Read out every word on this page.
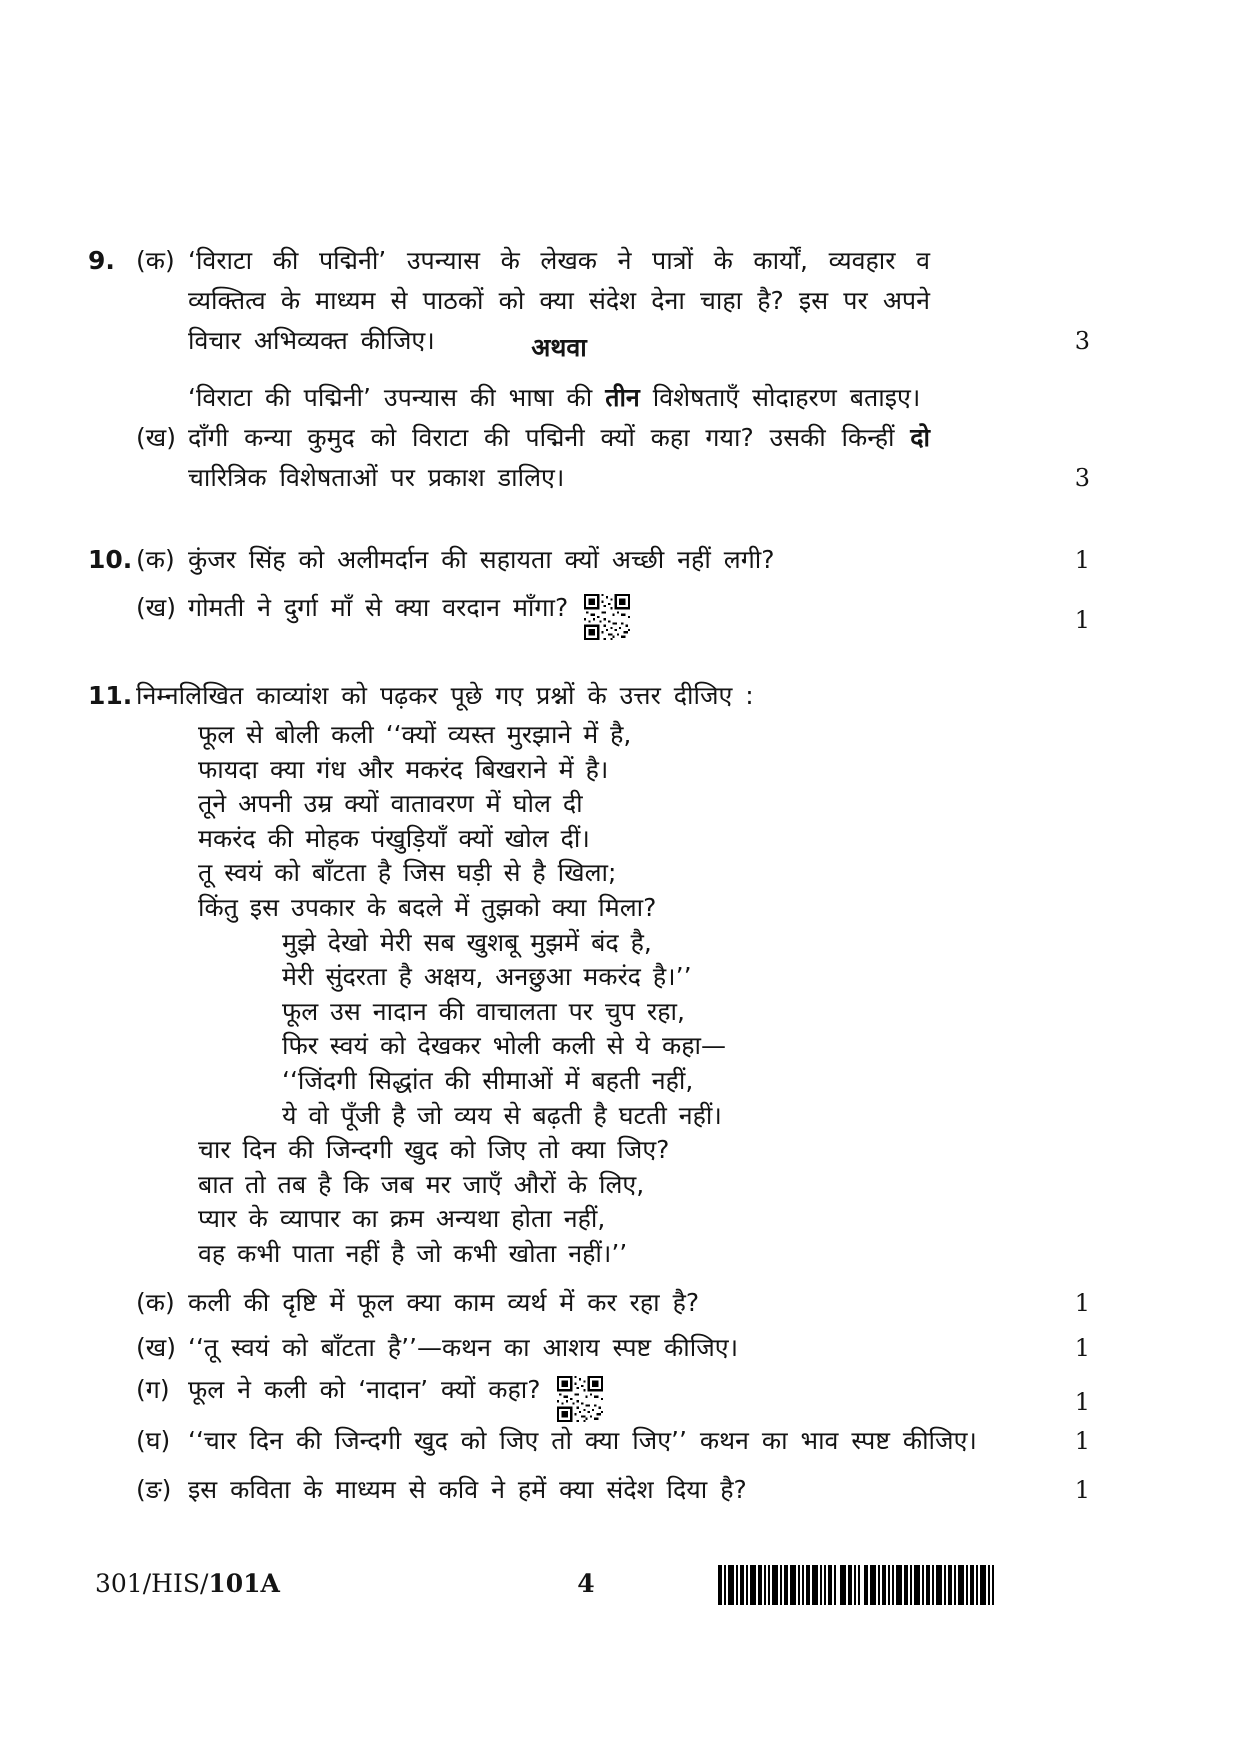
9. (क) ‘विराटा की पद्मिनी’ उपन्यास के लेखक ने पात्रों के कार्यों, व्यवहार व व्यक्तित्व के माध्यम से पाठकों को क्या संदेश देना चाहा है? इस पर अपने विचार अभिव्यक्त कीजिए।	3
अथवा
‘विराटा की पद्मिनी’ उपन्यास की भाषा की तीन विशेषताएँ सोदाहरण बताइए।
(ख) दाँगी कन्या कुमुद को विराटा की पद्मिनी क्यों कहा गया? उसकी किन्हीं दो चारित्रिक विशेषताओं पर प्रकाश डालिए।	3
10. (क) कुंजर सिंह को अलीमर्दान की सहायता क्यों अच्छी नहीं लगी?	1
(ख) गोमती ने दुर्गा माँ से क्या वरदान माँगा?	1
11. निम्नलिखित काव्यांश को पढ़कर पूछे गए प्रश्नों के उत्तर दीजिए :
फूल से बोली कली ‘‘क्यों व्यस्त मुरझाने में है,
फायदा क्या गंध और मकरंद बिखराने में है।
तूने अपनी उम्र क्यों वातावरण में घोल दी
मकरंद की मोहक पंखुड़ियाँ क्यों खोल दीं।
तू स्वयं को बाँटता है जिस घड़ी से है खिला;
किंतु इस उपकार के बदले में तुझको क्या मिला?
मुझे देखो मेरी सब खुशबू मुझमें बंद है,
मेरी सुंदरता है अक्षय, अनछुआ मकरंद है।’’
फूल उस नादान की वाचालता पर चुप रहा,
फिर स्वयं को देखकर भोली कली से ये कहा—
‘‘जिंदगी सिद्धांत की सीमाओं में बहती नहीं,
ये वो पूँजी है जो व्यय से बढ़ती है घटती नहीं।
चार दिन की जिन्दगी खुद को जिए तो क्या जिए?
बात तो तब है कि जब मर जाएँ औरों के लिए,
प्यार के व्यापार का क्रम अन्यथा होता नहीं,
वह कभी पाता नहीं है जो कभी खोता नहीं।’’
(क) कली की दृष्टि में फूल क्या काम व्यर्थ में कर रहा है?	1
(ख) ‘‘तू स्वयं को बाँटता है’’—कथन का आशय स्पष्ट कीजिए।	1
(ग) फूल ने कली को ‘नादान’ क्यों कहा?	1
(घ) ‘‘चार दिन की जिन्दगी खुद को जिए तो क्या जिए’’ कथन का भाव स्पष्ट कीजिए।	1
(ङ) इस कविता के माध्यम से कवि ने हमें क्या संदेश दिया है?	1
301/HIS/101A	4
